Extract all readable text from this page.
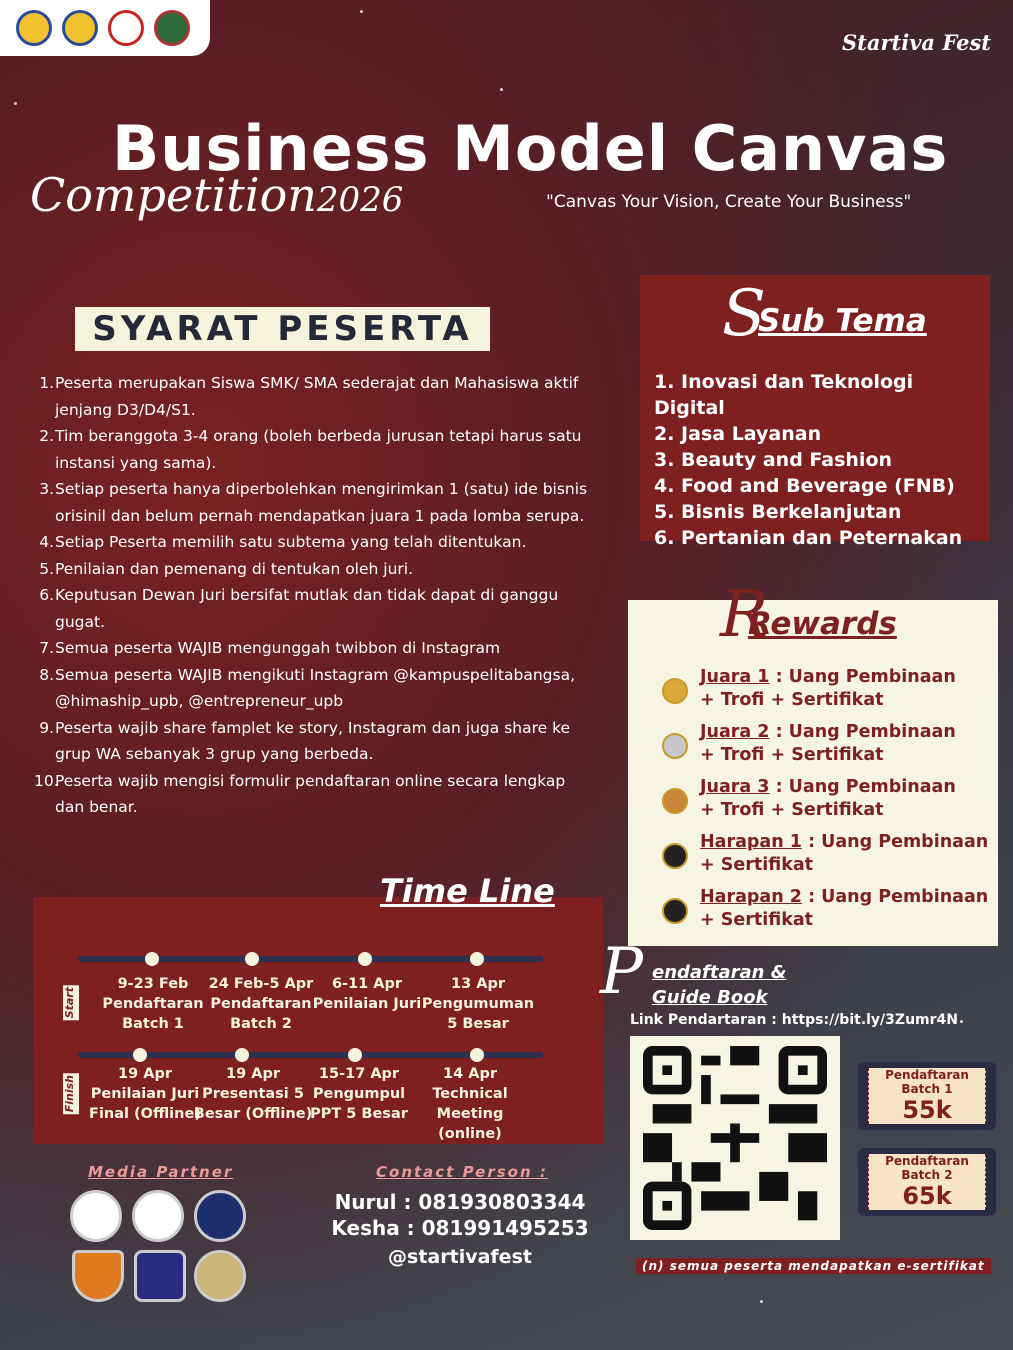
Startiva Fest
Business Model Canvas
Competition2026	"Canvas Your Vision, Create Your Business"
SYARAT PESERTA
1. Peserta merupakan Siswa SMK/ SMA sederajat dan Mahasiswa aktif jenjang D3/D4/S1.
2. Tim beranggota 3-4 orang (boleh berbeda jurusan tetapi harus satu instansi yang sama).
3. Setiap peserta hanya diperbolehkan mengirimkan 1 (satu) ide bisnis orisinil dan belum pernah mendapatkan juara 1 pada lomba serupa.
4. Setiap Peserta memilih satu subtema yang telah ditentukan.
5. Penilaian dan pemenang di tentukan oleh juri.
6. Keputusan Dewan Juri bersifat mutlak dan tidak dapat di ganggu gugat.
7. Semua peserta WAJIB mengunggah twibbon di Instagram
8. Semua peserta WAJIB mengikuti Instagram @kampuspelitabangsa, @himaship_upb, @entrepreneur_upb
9. Peserta wajib share famplet ke story, Instagram dan juga share ke grup WA sebanyak 3 grup yang berbeda.
10.
Peserta wajib mengisi formulir pendaftaran online secara lengkap dan benar.
S
Sub Tema
1. Inovasi dan Teknologi Digital
2. Jasa Layanan
3. Beauty and Fashion
4. Food and Beverage (FNB)
5. Bisnis Berkelanjutan
6. Pertanian dan Peternakan
R
Rewards
Juara 1 : Uang Pembinaan
+ Trofi + Sertifikat
Juara 2 : Uang Pembinaan
+ Trofi + Sertifikat
Juara 3 : Uang Pembinaan
+ Trofi + Sertifikat
Harapan 1 : Uang Pembinaan
+ Sertifikat
Harapan 2 : Uang Pembinaan
+ Sertifikat
Start
Finish
9-23 Feb
Pendaftaran Batch 1
24 Feb-5 Apr
Pendaftaran Batch 2
6-11 Apr
Penilaian Juri
13 Apr
Pengumuman 5 Besar
19 Apr
Penilaian Juri Final (Offline)
19 Apr
Presentasi 5 Besar (Offline)
15-17 Apr
Pengumpul PPT 5 Besar
14 Apr
Technical Meeting (online)
Time Line
P endaftaran &
Guide Book
Link Pendartaran : https://bit.ly/3Zumr4N
Pendaftaran
Batch 1
55k
Pendaftaran
Batch 2
65k
(n) semua peserta mendapatkan e-sertifikat
Media Partner	Contact Person :
Nurul : 081930803344
Kesha : 081991495253
@startivafest
